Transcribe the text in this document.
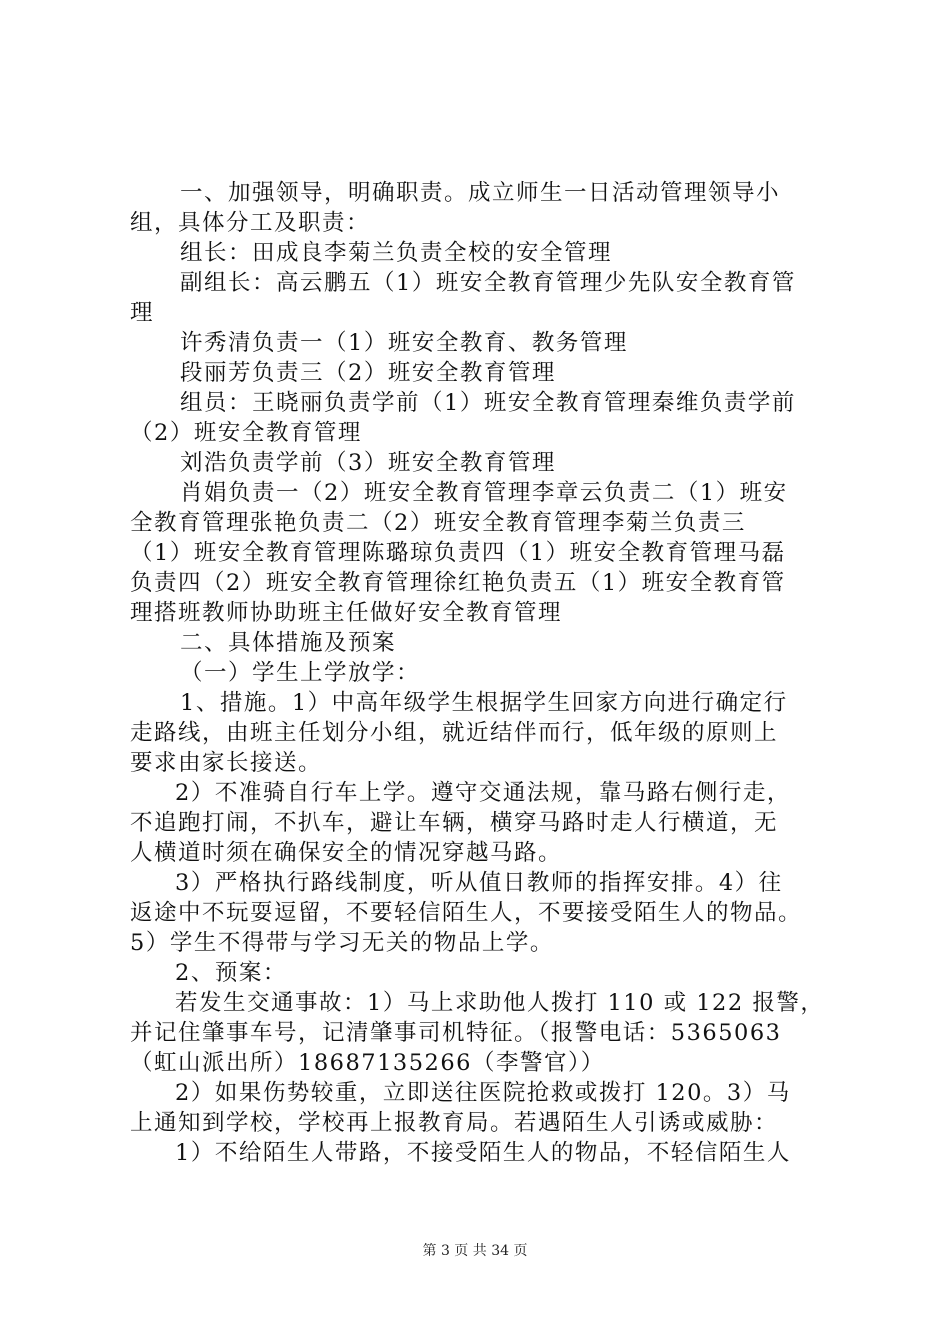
一、加强领导，明确职责。成立师生一日活动管理领导小
组，具体分工及职责：
组长：田成良李菊兰负责全校的安全管理
副组长：高云鹏五（1）班安全教育管理少先队安全教育管
理
许秀清负责一（1）班安全教育、教务管理
段丽芳负责三（2）班安全教育管理
组员：王晓丽负责学前（1）班安全教育管理秦维负责学前
（2）班安全教育管理
刘浩负责学前（3）班安全教育管理
肖娟负责一（2）班安全教育管理李章云负责二（1）班安
全教育管理张艳负责二（2）班安全教育管理李菊兰负责三
（1）班安全教育管理陈璐琼负责四（1）班安全教育管理马磊
负责四（2）班安全教育管理徐红艳负责五（1）班安全教育管
理搭班教师协助班主任做好安全教育管理
二、具体措施及预案
（一）学生上学放学：
1、措施。1）中高年级学生根据学生回家方向进行确定行
走路线，由班主任划分小组，就近结伴而行，低年级的原则上
要求由家长接送。
2）不准骑自行车上学。遵守交通法规，靠马路右侧行走，
不追跑打闹，不扒车，避让车辆，横穿马路时走人行横道，无
人横道时须在确保安全的情况穿越马路。
3）严格执行路线制度，听从值日教师的指挥安排。4）往
返途中不玩耍逗留，不要轻信陌生人，不要接受陌生人的物品。
5）学生不得带与学习无关的物品上学。
2、预案：
若发生交通事故：1）马上求助他人拨打 110 或 122 报警，
并记住肇事车号，记清肇事司机特征。（报警电话：5365063
（虹山派出所）18687135266（李警官））
2）如果伤势较重，立即送往医院抢救或拨打 120。3）马
上通知到学校，学校再上报教育局。若遇陌生人引诱或威胁：
1）不给陌生人带路，不接受陌生人的物品，不轻信陌生人
第 3 页 共 34 页
